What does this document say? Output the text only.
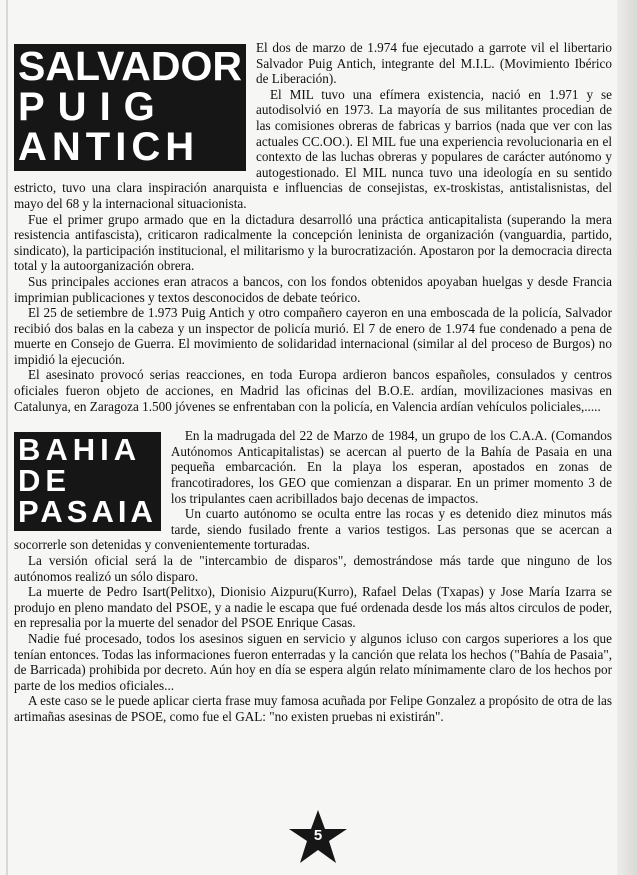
SALVADOR
PUIG
ANTICH

El dos de marzo de 1.974 fue ejecutado a garrote vil el libertario Salvador Puig Antich, integrante del M.I.L. (Movimiento Ibérico de Liberación).

El MIL tuvo una efímera existencia, nació en 1.971 y se autodisolvió en 1973. La mayoría de sus militantes procedian de las comisiones obreras de fabricas y barrios (nada que ver con las actuales CC.OO.). El MIL fue una experiencia revolucionaria en el contexto de las luchas obreras y populares de carácter autónomo y autogestionado. El MIL nunca tuvo una ideología en su sentido estricto, tuvo una clara inspiración anarquista e influencias de consejistas, ex-troskistas, antistalisnistas, del mayo del 68 y la internacional situacionista.

Fue el primer grupo armado que en la dictadura desarrolló una práctica anticapitalista (superando la mera resistencia antifascista), criticaron radicalmente la concepción leninista de organización (vanguardia, partido, sindicato), la participación institucional, el militarismo y la burocratización. Apostaron por la democracia directa total y la autoorganización obrera.

Sus principales acciones eran atracos a bancos, con los fondos obtenidos apoyaban huelgas y desde Francia imprimian publicaciones y textos desconocidos de debate teórico.

El 25 de setiembre de 1.973 Puig Antich y otro compañero cayeron en una emboscada de la policía, Salvador recibió dos balas en la cabeza y un inspector de policía murió. El 7 de enero de 1.974 fue condenado a pena de muerte en Consejo de Guerra. El movimiento de solidaridad internacional (similar al del proceso de Burgos) no impidió la ejecución.

El asesinato provocó serias reacciones, en toda Europa ardieron bancos españoles, consulados y centros oficiales fueron objeto de acciones, en Madrid las oficinas del B.O.E. ardían, movilizaciones masivas en Catalunya, en Zaragoza 1.500 jóvenes se enfrentaban con la policía, en Valencia ardían vehículos policiales,.....

BAHIA
DE
PASAIA

En la madrugada del 22 de Marzo de 1984, un grupo de los C.A.A. (Comandos Autónomos Anticapitalistas) se acercan al puerto de la Bahía de Pasaia en una pequeña embarcación. En la playa los esperan, apostados en zonas de francotiradores, los GEO que comienzan a disparar. En un primer momento 3 de los tripulantes caen acribillados bajo decenas de impactos.

Un cuarto autónomo se oculta entre las rocas y es detenido diez minutos más tarde, siendo fusilado frente a varios testigos. Las personas que se acercan a socorrerle son detenidas y convenientemente torturadas.

La versión oficial será la de "intercambio de disparos", demostrándose más tarde que ninguno de los autónomos realizó un sólo disparo.

La muerte de Pedro Isart(Pelitxo), Dionisio Aizpuru(Kurro), Rafael Delas (Txapas) y Jose María Izarra se produjo en pleno mandato del PSOE, y a nadie le escapa que fué ordenada desde los más altos circulos de poder, en represalia por la muerte del senador del PSOE Enrique Casas.

Nadie fué procesado, todos los asesinos siguen en servicio y algunos icluso con cargos superiores a los que tenían entonces. Todas las informaciones fueron enterradas y la canción que relata los hechos ("Bahía de Pasaia", de Barricada) prohibida por decreto. Aún hoy en día se espera algún relato mínimamente claro de los hechos por parte de los medios oficiales...

A este caso se le puede aplicar cierta frase muy famosa acuñada por Felipe Gonzalez a propósito de otra de las artimañas asesinas de PSOE, como fue el GAL: "no existen pruebas ni existirán".

5
